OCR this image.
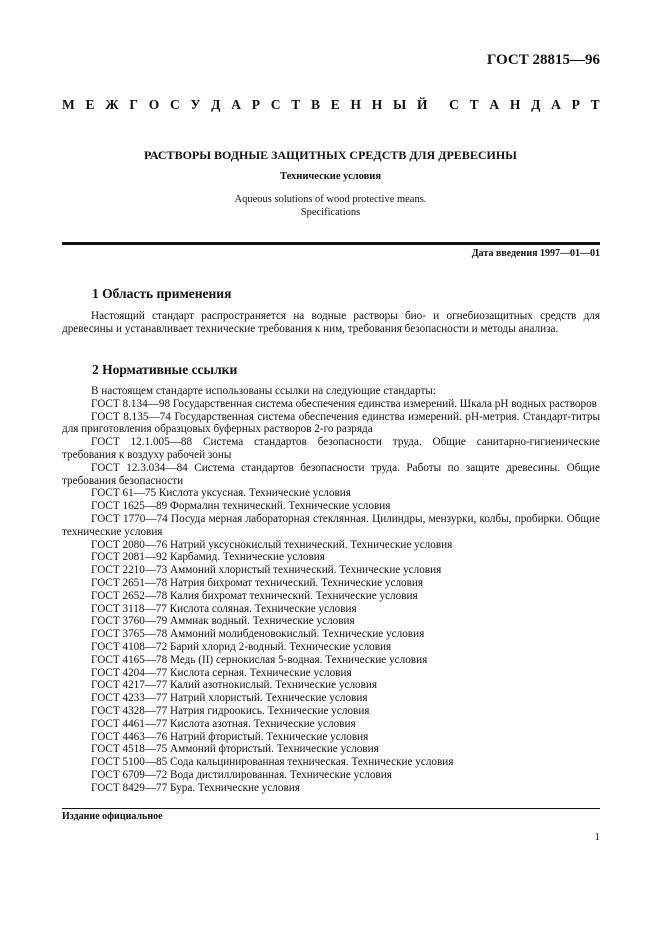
ГОСТ 28815—96
М Е Ж Г О С У Д А Р С Т В Е Н Н Ы Й С Т А Н Д А Р Т
РАСТВОРЫ ВОДНЫЕ ЗАЩИТНЫХ СРЕДСТВ ДЛЯ ДРЕВЕСИНЫ
Технические условия
Aqueous solutions of wood protective means.
Specifications
Дата введения 1997—01—01
1 Область применения
Настоящий стандарт распространяется на водные растворы био- и огнебиозащитных средств для древесины и устанавливает технические требования к ним, требования безопасности и методы анализа.
2 Нормативные ссылки
В настоящем стандарте использованы ссылки на следующие стандарты:
ГОСТ 8.134—98 Государственная система обеспечения единства измерений. Шкала pH водных растворов
ГОСТ 8.135—74 Государственная система обеспечения единства измерений. рН-метрия. Стандарт-титры для приготовления образцовых буферных растворов 2-го разряда
ГОСТ 12.1.005—88 Система стандартов безопасности труда. Общие санитарно-гигиенические требования к воздуху рабочей зоны
ГОСТ 12.3.034—84 Система стандартов безопасности труда. Работы по защите древесины. Общие требования безопасности
ГОСТ 61—75 Кислота уксусная. Технические условия
ГОСТ 1625—89 Формалин технический. Технические условия
ГОСТ 1770—74 Посуда мерная лабораторная стеклянная. Цилиндры, мензурки, колбы, пробирки. Общие технические условия
ГОСТ 2080—76 Натрий уксуснокислый технический. Технические условия
ГОСТ 2081—92 Карбамид. Технические условия
ГОСТ 2210—73 Аммоний хлористый технический. Технические условия
ГОСТ 2651—78 Натрия бихромат технический. Технические условия
ГОСТ 2652—78 Калия бихромат технический. Технические условия
ГОСТ 3118—77 Кислота соляная. Технические условия
ГОСТ 3760—79 Аммиак водный. Технические условия
ГОСТ 3765—78 Аммоний молибденовокислый. Технические условия
ГОСТ 4108—72 Барий хлорид 2-водный. Технические условия
ГОСТ 4165—78 Медь (II) сернокислая 5-водная. Технические условия
ГОСТ 4204—77 Кислота серная. Технические условия
ГОСТ 4217—77 Калий азотнокислый. Технические условия
ГОСТ 4233—77 Натрий хлористый. Технические условия
ГОСТ 4328—77 Натрия гидроокись. Технические условия
ГОСТ 4461—77 Кислота азотная. Технические условия
ГОСТ 4463—76 Натрий фтористый. Технические условия
ГОСТ 4518—75 Аммоний фтористый. Технические условия
ГОСТ 5100—85 Сода кальцинированная техническая. Технические условия
ГОСТ 6709—72 Вода дистиллированная. Технические условия
ГОСТ 8429—77 Бура. Технические условия
Издание официальное
1
